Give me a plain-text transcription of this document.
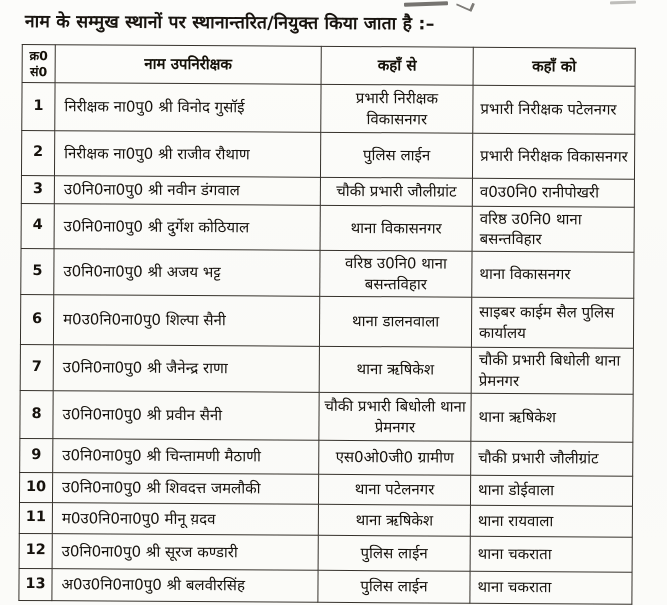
नाम के सम्मुख स्थानों पर स्थानान्तरित/नियुक्त किया जाता है :–
क्र0
सं0	नाम उपनिरीक्षक	कहाँ से	कहाँ को
1	निरीक्षक ना0पु0 श्री विनोद गुसॉई	प्रभारी निरीक्षक विकासनगर	प्रभारी निरीक्षक पटेलनगर
2	निरीक्षक ना0पु0 श्री राजीव रौथाण	पुलिस लाईन	प्रभारी निरीक्षक विकासनगर
3	उ0नि0ना0पु0 श्री नवीन डंगवाल	चौकी प्रभारी जौलीग्रांट	व0उ0नि0 रानीपोखरी
4	उ0नि0ना0पु0 श्री दुर्गेश कोठियाल	थाना विकासनगर	वरिष्ठ उ0नि0 थाना बसन्तविहार
5	उ0नि0ना0पु0 श्री अजय भट्ट	वरिष्ठ उ0नि0 थाना बसन्तविहार	थाना विकासनगर
6	म0उ0नि0ना0पु0 शिल्पा सैनी	थाना डालनवाला	साइबर काईम सैल पुलिस कार्यालय
7	उ0नि0ना0पु0 श्री जैनेन्द्र राणा	थाना ऋषिकेश	चौकी प्रभारी बिधोली थाना प्रेमनगर
8	उ0नि0ना0पु0 श्री प्रवीन सैनी	चौकी प्रभारी बिधोली थाना प्रेमनगर	थाना ऋषिकेश
9	उ0नि0ना0पु0 श्री चिन्तामणी मैठाणी	एस0ओ0जी0 ग्रामीण	चौकी प्रभारी जौलीग्रांट
10	उ0नि0ना0पु0 श्री शिवदत्त जमलौकी	थाना पटेलनगर	थाना डोईवाला
11	म0उ0नि0ना0पु0 मीनू य़दव	थाना ऋषिकेश	थाना रायवाला
12	उ0नि0ना0पु0 श्री सूरज कण्डारी	पुलिस लाईन	थाना चकराता
13	अ0उ0नि0ना0पु0 श्री बलवीरसिंह	पुलिस लाईन	थाना चकराता
